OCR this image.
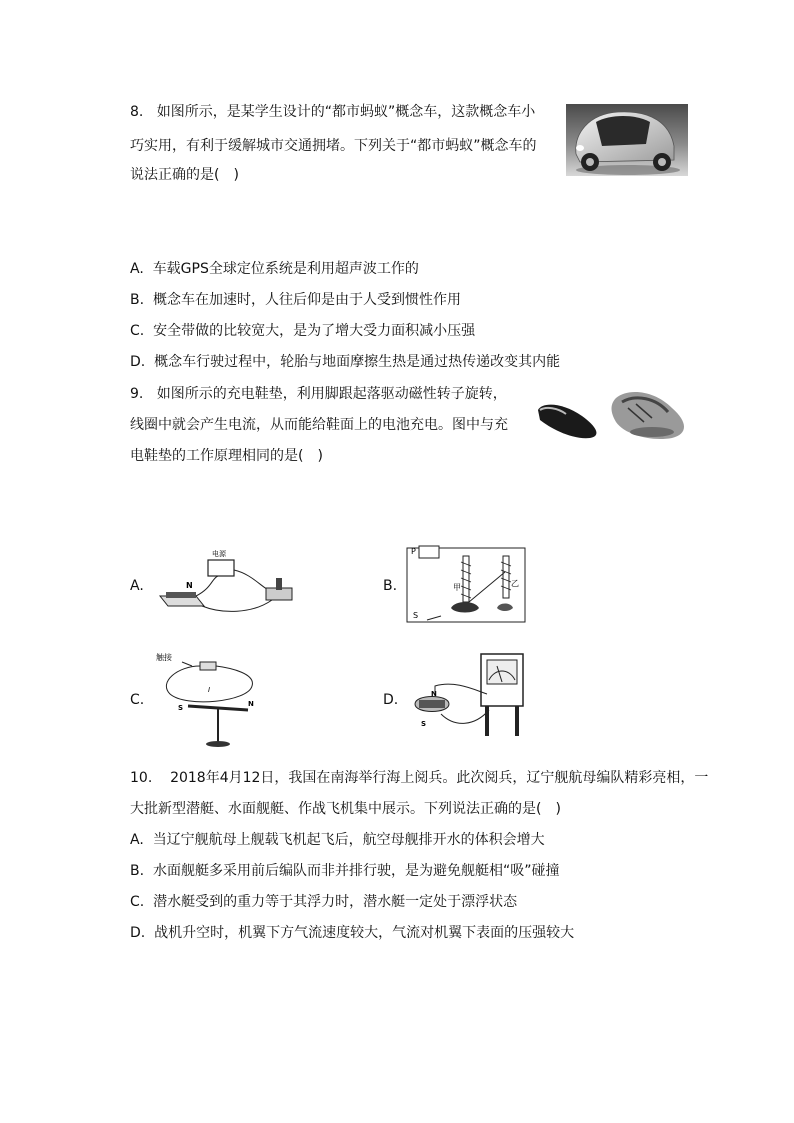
8. 如图所示，是某学生设计的“都市蚂蚁”概念车，这款概念车小
巧实用，有利于缓解城市交通拥堵。下列关于“都市蚂蚁”概念车的
说法正确的是(　)
A. 车载GPS全球定位系统是利用超声波工作的
B. 概念车在加速时，人往后仰是由于人受到惯性作用
C. 安全带做的比较宽大，是为了增大受力面积减小压强
D. 概念车行驶过程中，轮胎与地面摩擦生热是通过热传递改变其内能
9. 如图所示的充电鞋垫，利用脚跟起落驱动磁性转子旋转，
线圈中就会产生电流，从而能给鞋面上的电池充电。图中与充
电鞋垫的工作原理相同的是(　)
A.
电源
N	B.
P
甲	乙
S
C.
触接
I
S	N	D.	N
S
10. 2018年4月12日，我国在南海举行海上阅兵。此次阅兵，辽宁舰航母编队精彩亮相，一
大批新型潜艇、水面舰艇、作战飞机集中展示。下列说法正确的是(　)
A. 当辽宁舰航母上舰载飞机起飞后，航空母舰排开水的体积会增大
B. 水面舰艇多采用前后编队而非并排行驶，是为避免舰艇相“吸”碰撞
C. 潜水艇受到的重力等于其浮力时，潜水艇一定处于漂浮状态
D. 战机升空时，机翼下方气流速度较大，气流对机翼下表面的压强较大
